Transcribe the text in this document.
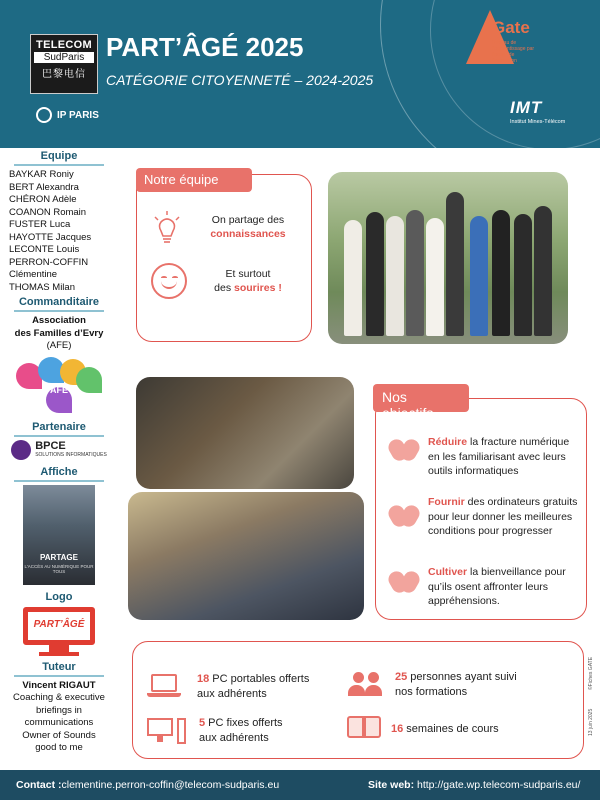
TELECOM
SudParis
巴黎电信
IP PARIS
PART’ÂGÉ 2025
CATÉGORIE CITOYENNETÉ – 2024-2025
Gate
Réseau de l'apprentissage par l'action de l'innovation
IMT
Institut Mines-Télécom
Equipe
BAYKAR Roniy
BERT Alexandra
CHÉRON Adèle
COANON Romain
FUSTER Luca
HAYOTTE Jacques
LECONTE Louis
PERRON-COFFIN Clémentine
THOMAS Milan
Commanditaire
Association
des Familles d’Evry
(AFE)
AFE
Partenaire
BPCE
SOLUTIONS INFORMATIQUES
Affiche
PARTAGE
L'ACCÈS AU NUMÉRIQUE POUR TOUS
Logo
PART’ÂGÉ
Tuteur
Vincent RIGAUT
Coaching & executive
briefings in
communications
Owner of Sounds
good to me
On partage des
connaissances
Et surtout
des sourires !
Notre équipe
Réduire la fracture numérique en les familiarisant avec leurs outils informatiques
Fournir des ordinateurs gratuits pour leur donner les meilleures conditions pour progresser
Cultiver la bienveillance pour qu’ils osent affronter leurs appréhensions.
Nos objectifs
18 PC portables offerts
aux adhérents
5 PC fixes offerts
aux adhérents
25 personnes ayant suivi
nos formations
16 semaines de cours
©Fiches GATE
13 juin 2025
Contact :clementine.perron-coffin@telecom-sudparis.eu	Site web: http://gate.wp.telecom-sudparis.eu/
